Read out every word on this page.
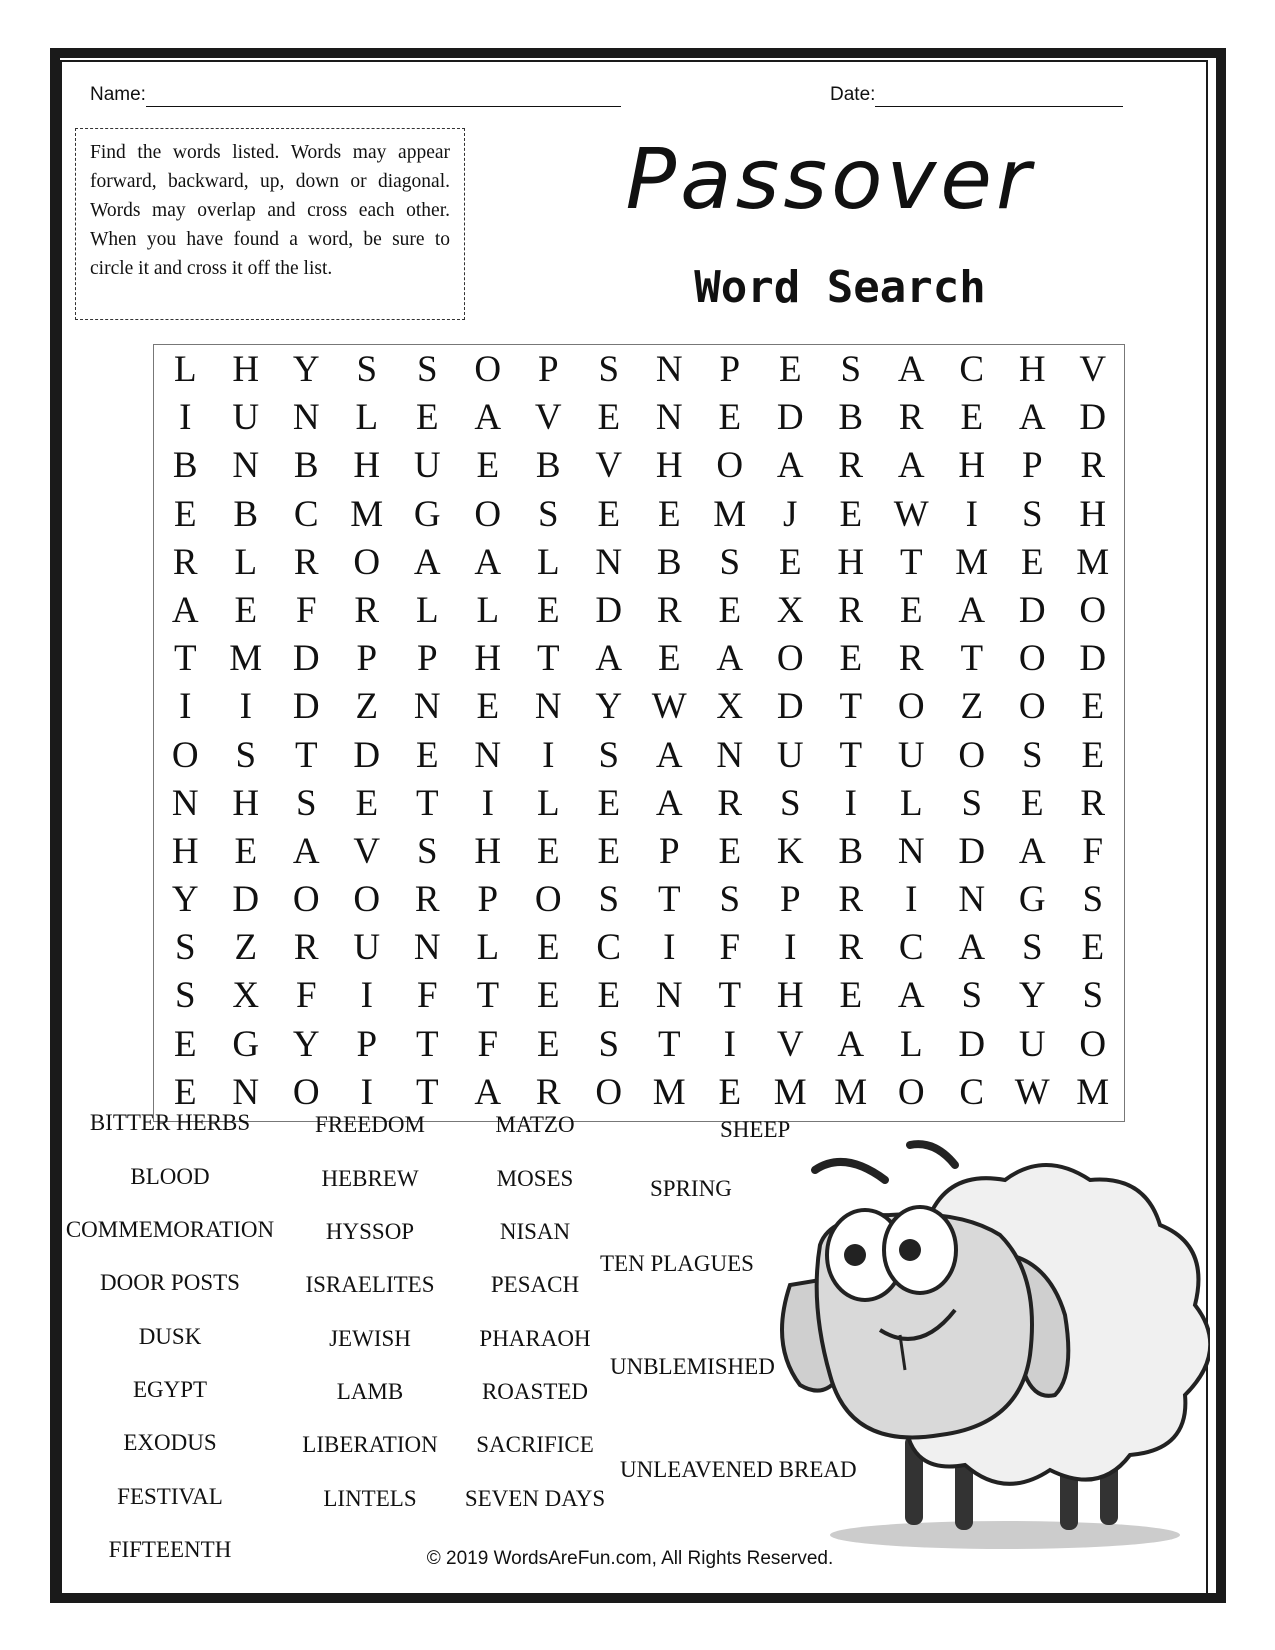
Name:	Date:
Find the words listed. Words may appear forward, backward, up, down or diagonal. Words may overlap and cross each other. When you have found a word, be sure to circle it and cross it off the list.
Passover
Word Search
L H Y S	S O P	S N P	E	S A C H V
I	U N L	E A V E N E D B R E A D
B N B H U E B V H O A R A H P	R
E B C M G O S	E	E M J	E W I	S H
R L R O A A L N B	S	E H T M E M
A E	F	R L	L	E D R E X R E A D O
T M D P	P H T A E A O E R T O D
I	I	D Z N E N Y W X D T O Z O E
O S	T D E N	I	S A N U T U O S	E
N H S	E	T	I	L	E A R	S	I	L	S	E R
H E A V S H E	E	P	E K B N D A F
Y D O O R	P O S	T	S	P	R	I	N G S
S	Z R U N L	E C	I	F	I	R C A S	E
S X F	I	F	T	E	E N T H E A S Y S
E G Y P	T	F	E	S	T	I	V A L D U O
E N O	I	T A R O M E M M O C W M
BITTER HERBS
BLOOD
COMMEMORATION
DOOR POSTS
DUSK
EGYPT
EXODUS
FESTIVAL
FIFTEENTH
FREEDOM
HEBREW
HYSSOP
ISRAELITES
JEWISH
LAMB
LIBERATION
LINTELS
MATZO
MOSES
NISAN
PESACH
PHARAOH
ROASTED
SACRIFICE
SEVEN DAYS
SHEEP
SPRING
TEN PLAGUES
UNBLEMISHED
UNLEAVENED BREAD
© 2019 WordsAreFun.com, All Rights Reserved.
